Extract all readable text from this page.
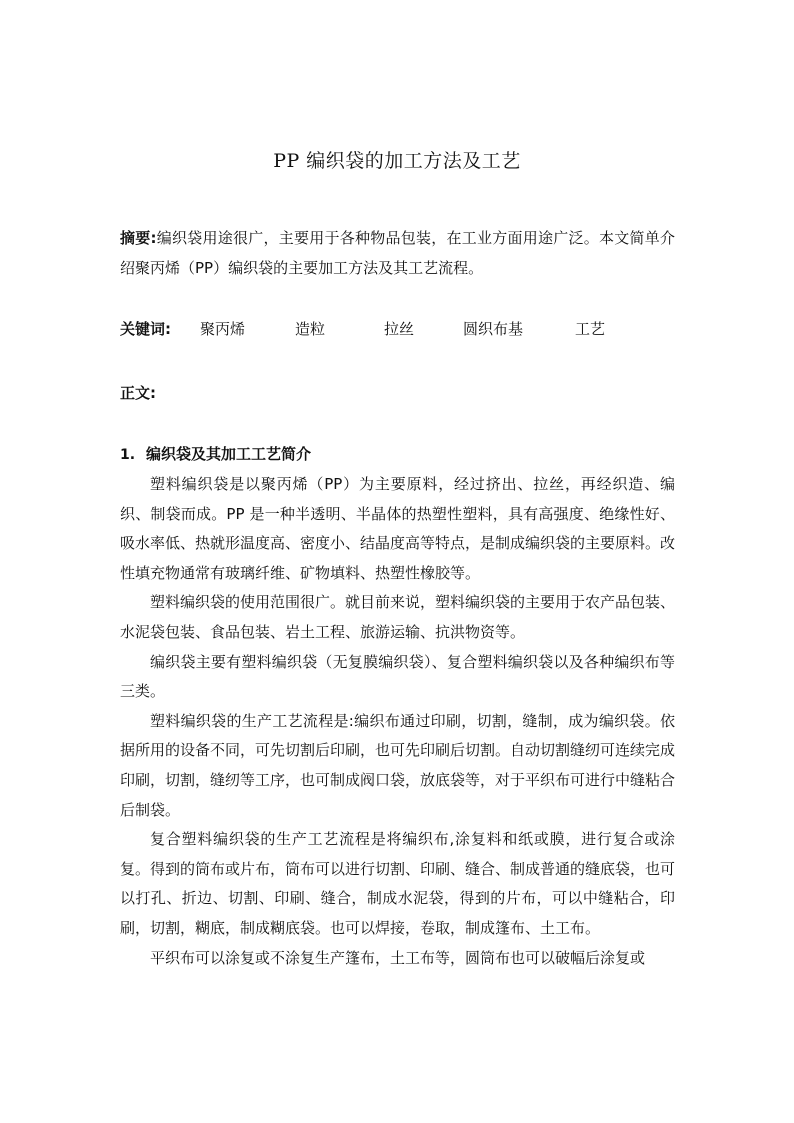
PP 编织袋的加工方法及工艺
摘要:编织袋用途很广，主要用于各种物品包装，在工业方面用途广泛。本文简单介绍聚丙烯（PP）编织袋的主要加工方法及其工艺流程。
关键词: 聚丙烯	造粒	拉丝	圆织布基	工艺
正文:
1. 编织袋及其加工工艺简介

塑料编织袋是以聚丙烯（PP）为主要原料，经过挤出、拉丝，再经织造、编织、制袋而成。PP 是一种半透明、半晶体的热塑性塑料，具有高强度、绝缘性好、吸水率低、热就形温度高、密度小、结晶度高等特点，是制成编织袋的主要原料。改性填充物通常有玻璃纤维、矿物填料、热塑性橡胶等。

塑料编织袋的使用范围很广。就目前来说，塑料编织袋的主要用于农产品包装、水泥袋包装、食品包装、岩土工程、旅游运输、抗洪物资等。

编织袋主要有塑料编织袋（无复膜编织袋）、复合塑料编织袋以及各种编织布等三类。

塑料编织袋的生产工艺流程是:编织布通过印刷，切割，缝制，成为编织袋。依据所用的设备不同，可先切割后印刷，也可先印刷后切割。自动切割缝纫可连续完成印刷，切割，缝纫等工序，也可制成阀口袋，放底袋等，对于平织布可进行中缝粘合后制袋。

复合塑料编织袋的生产工艺流程是将编织布,涂复料和纸或膜，进行复合或涂复。得到的筒布或片布，筒布可以进行切割、印刷、缝合、制成普通的缝底袋，也可以打孔、折边、切割、印刷、缝合，制成水泥袋，得到的片布，可以中缝粘合，印刷，切割，糊底，制成糊底袋。也可以焊接，卷取，制成篷布、土工布。

平织布可以涂复或不涂复生产篷布，土工布等，圆筒布也可以破幅后涂复或
